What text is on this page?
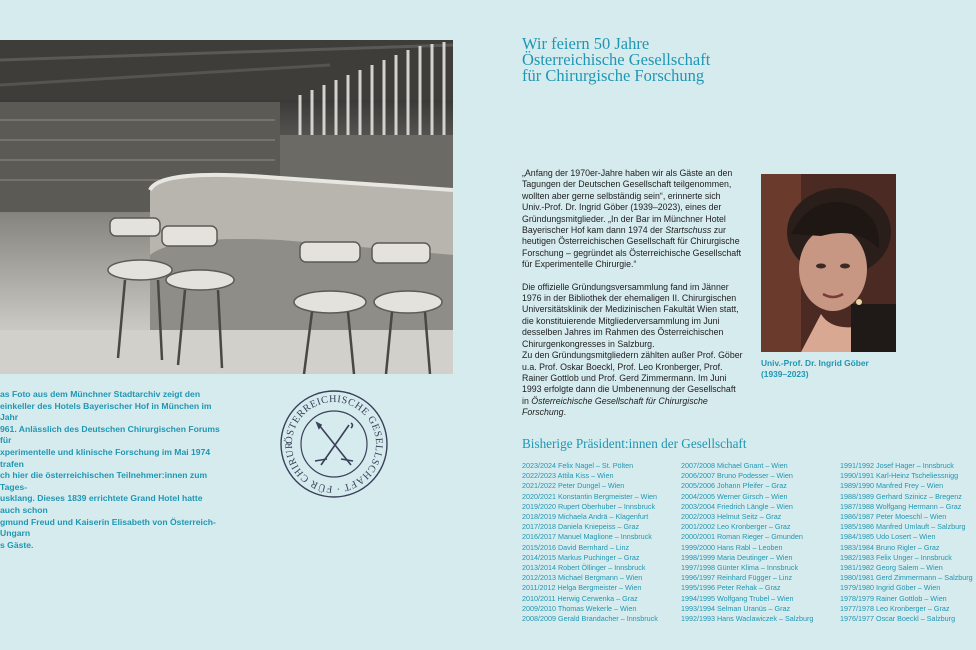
as Foto aus dem Münchner Stadtarchiv zeigt den
einkeller des Hotels Bayerischer Hof in München im Jahr
961. Anlässlich des Deutschen Chirurgischen Forums für
xperimentelle und klinische Forschung im Mai 1974 trafen
ch hier die österreichischen Teilnehmer:innen zum Tages-
usklang. Dieses 1839 errichtete Grand Hotel hatte auch schon
gmund Freud und Kaiserin Elisabeth von Österreich-Ungarn
s Gäste.
ÖSTERREICHISCHE GESELLSCHAFT · FÜR CHIRUR
Wir feiern 50 Jahre
Österreichische Gesellschaft
für Chirurgische Forschung

„Anfang der 1970er-Jahre haben wir als Gäste an den Tagungen der Deutschen Gesellschaft teilgenommen, wollten aber gerne selbständig sein“, erinnerte sich Univ.-Prof. Dr. Ingrid Göber (1939–2023), eines der Gründungsmitglieder. „In der Bar im Münchner Hotel Bayerischer Hof kam dann 1974 der Startschuss zur heutigen Österreichischen Gesellschaft für Chirurgische Forschung – gegründet als Österreichische Gesellschaft für Experimentelle Chirurgie.“

Die offizielle Gründungsversammlung fand im Jänner 1976 in der Bibliothek der ehemaligen II. Chirurgischen Universitätsklinik der Medizinischen Fakultät Wien statt, die konstituierende Mitgliederversammlung im Juni desselben Jahres im Rahmen des Österreichischen Chirurgenkongresses in Salzburg.

Zu den Gründungsmitgliedern zählten außer Prof. Göber u.a. Prof. Oskar Boeckl, Prof. Leo Kronberger, Prof. Rainer Gottlob und Prof. Gerd Zimmermann. Im Juni 1993 erfolgte dann die Umbenennung der Gesellschaft in Österreichische Gesellschaft für Chirurgische Forschung.

Univ.-Prof. Dr. Ingrid Göber
(1939–2023)
Bisherige Präsident:innen der Gesellschaft
2023/2024 Felix Nagel – St. Pölten
2022/2023 Attila Kiss – Wien
2021/2022 Peter Dungel – Wien
2020/2021 Konstantin Bergmeister – Wien
2019/2020 Rupert Oberhuber – Innsbruck
2018/2019 Michaela Andrä – Klagenfurt
2017/2018 Daniela Kniepeiss – Graz
2016/2017 Manuel Maglione – Innsbruck
2015/2016 David Bernhard – Linz
2014/2015 Markus Puchinger – Graz
2013/2014 Robert Öllinger – Innsbruck
2012/2013 Michael Bergmann – Wien
2011/2012 Helga Bergmeister – Wien
2010/2011 Herwig Cerwenka – Graz
2009/2010 Thomas Wekerle – Wien
2008/2009 Gerald Brandacher – Innsbruck
2007/2008 Michael Gnant – Wien
2006/2007 Bruno Podesser – Wien
2005/2006 Johann Pfeifer – Graz
2004/2005 Werner Girsch – Wien
2003/2004 Friedrich Längle – Wien
2002/2003 Helmut Seitz – Graz
2001/2002 Leo Kronberger – Graz
2000/2001 Roman Rieger – Gmunden
1999/2000 Hans Rabl – Leoben
1998/1999 Maria Deutinger – Wien
1997/1998 Günter Klima – Innsbruck
1996/1997 Reinhard Függer – Linz
1995/1996 Peter Rehak – Graz
1994/1995 Wolfgang Trubel – Wien
1993/1994 Selman Uranüs – Graz
1992/1993 Hans Waclawiczek – Salzburg
1991/1992 Josef Hager – Innsbruck
1990/1991 Karl-Heinz Tscheliessnigg
1989/1990 Manfred Frey – Wien
1988/1989 Gerhard Szinicz – Bregenz
1987/1988 Wolfgang Hermann – Graz
1986/1987 Peter Moeschl – Wien
1985/1986 Manfred Umlauft – Salzburg
1984/1985 Udo Losert – Wien
1983/1984 Bruno Rigler – Graz
1982/1983 Felix Unger – Innsbruck
1981/1982 Georg Salem – Wien
1980/1981 Gerd Zimmermann – Salzburg
1979/1980 Ingrid Göber – Wien
1978/1979 Rainer Gottlob – Wien
1977/1978 Leo Kronberger – Graz
1976/1977 Oscar Boeckl – Salzburg
